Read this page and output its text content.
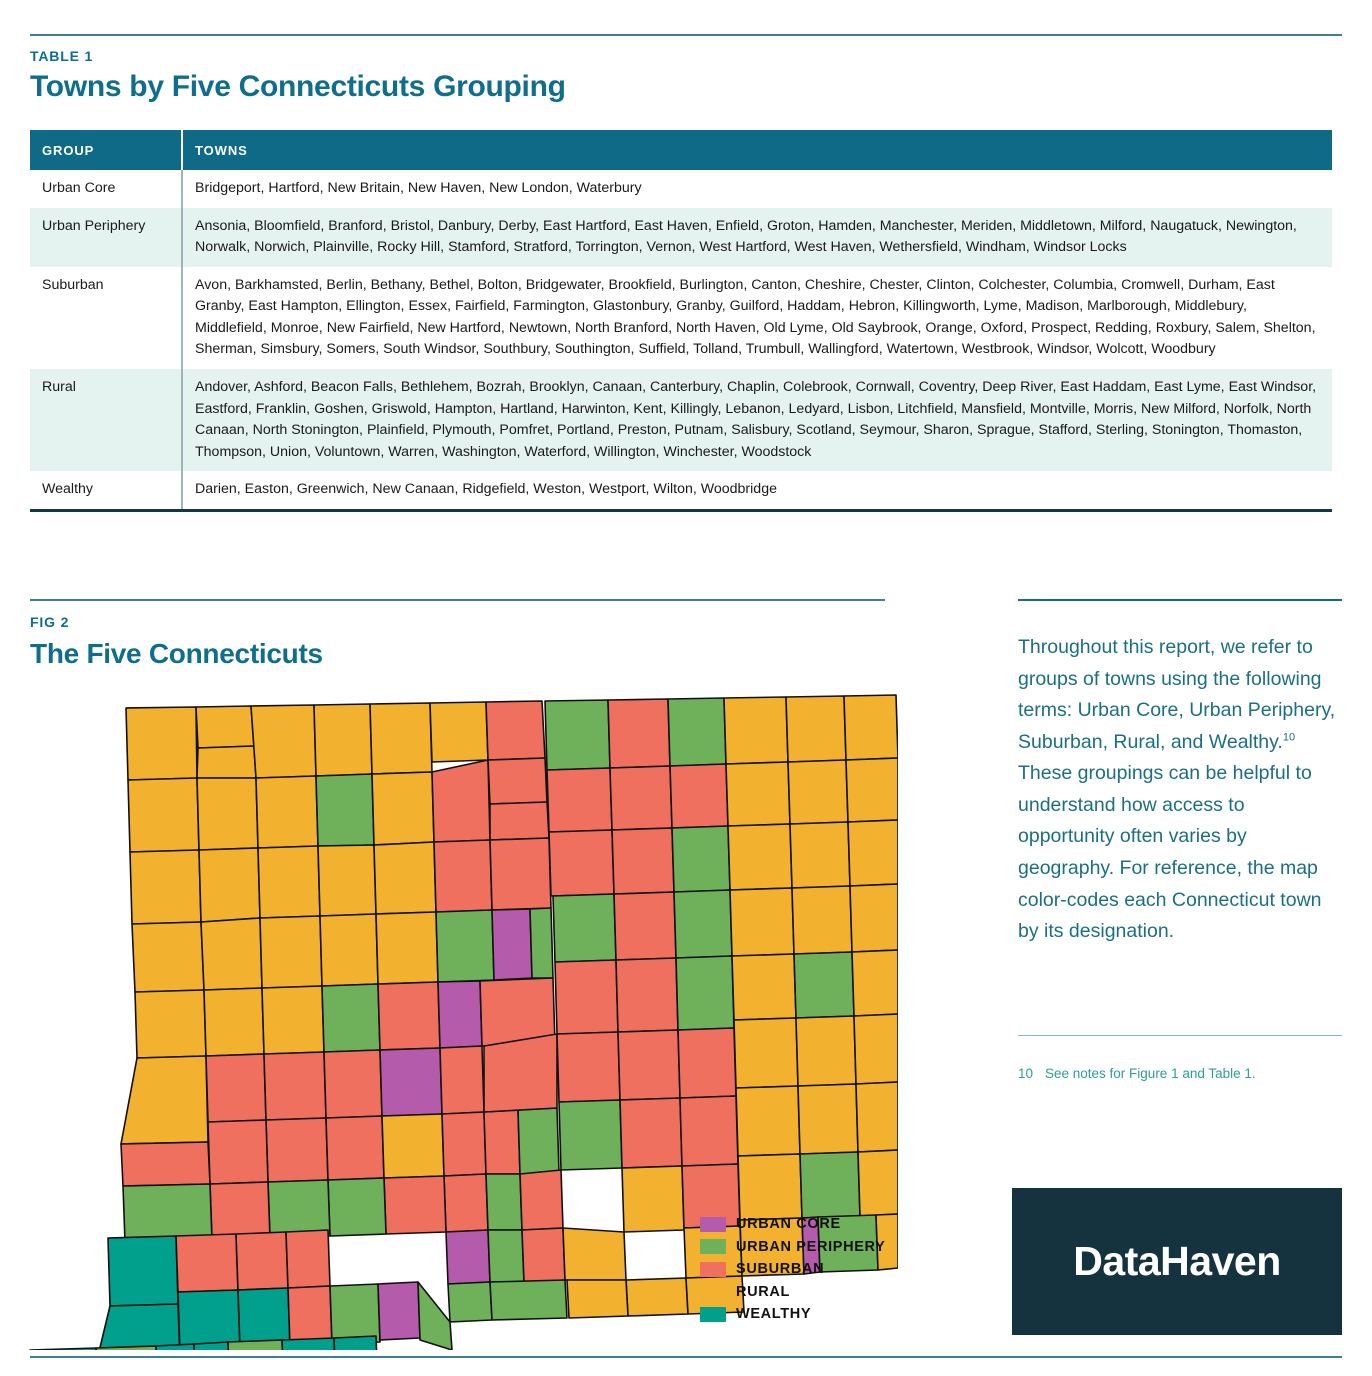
TABLE 1

Towns by Five Connecticuts Grouping
GROUP	TOWNS
Urban Core	Bridgeport, Hartford, New Britain, New Haven, New London, Waterbury
Urban Periphery	Ansonia, Bloomfield, Branford, Bristol, Danbury, Derby, East Hartford, East Haven, Enfield, Groton, Hamden, Manchester, Meriden, Middletown, Milford, Naugatuck, Newington, Norwalk, Norwich, Plainville, Rocky Hill, Stamford, Stratford, Torrington, Vernon, West Hartford, West Haven, Wethersfield, Windham, Windsor Locks
Suburban	Avon, Barkhamsted, Berlin, Bethany, Bethel, Bolton, Bridgewater, Brookfield, Burlington, Canton, Cheshire, Chester, Clinton, Colchester, Columbia, Cromwell, Durham, East Granby, East Hampton, Ellington, Essex, Fairfield, Farmington, Glastonbury, Granby, Guilford, Haddam, Hebron, Killingworth, Lyme, Madison, Marlborough, Middlebury, Middlefield, Monroe, New Fairfield, New Hartford, Newtown, North Branford, North Haven, Old Lyme, Old Saybrook, Orange, Oxford, Prospect, Redding, Roxbury, Salem, Shelton, Sherman, Simsbury, Somers, South Windsor, Southbury, Southington, Suffield, Tolland, Trumbull, Wallingford, Watertown, Westbrook, Windsor, Wolcott, Woodbury
Rural	Andover, Ashford, Beacon Falls, Bethlehem, Bozrah, Brooklyn, Canaan, Canterbury, Chaplin, Colebrook, Cornwall, Coventry, Deep River, East Haddam, East Lyme, East Windsor, Eastford, Franklin, Goshen, Griswold, Hampton, Hartland, Harwinton, Kent, Killingly, Lebanon, Ledyard, Lisbon, Litchfield, Mansfield, Montville, Morris, New Milford, Norfolk, North Canaan, North Stonington, Plainfield, Plymouth, Pomfret, Portland, Preston, Putnam, Salisbury, Scotland, Seymour, Sharon, Sprague, Stafford, Sterling, Stonington, Thomaston, Thompson, Union, Voluntown, Warren, Washington, Waterford, Willington, Winchester, Woodstock
Wealthy	Darien, Easton, Greenwich, New Canaan, Ridgefield, Weston, Westport, Wilton, Woodbridge

FIG 2

The Five Connecticuts
URBAN CORE
URBAN PERIPHERY
SUBURBAN
RURAL
WEALTHY

Throughout this report, we refer to groups of towns using the following terms: Urban Core, Urban Periphery, Suburban, Rural, and Wealthy.$^{10}$ These groupings can be helpful to understand how access to opportunity often varies by geography. For reference, the map color-codes each Connecticut town by its designation.

10 See notes for Figure 1 and Table 1.
DataHaven
